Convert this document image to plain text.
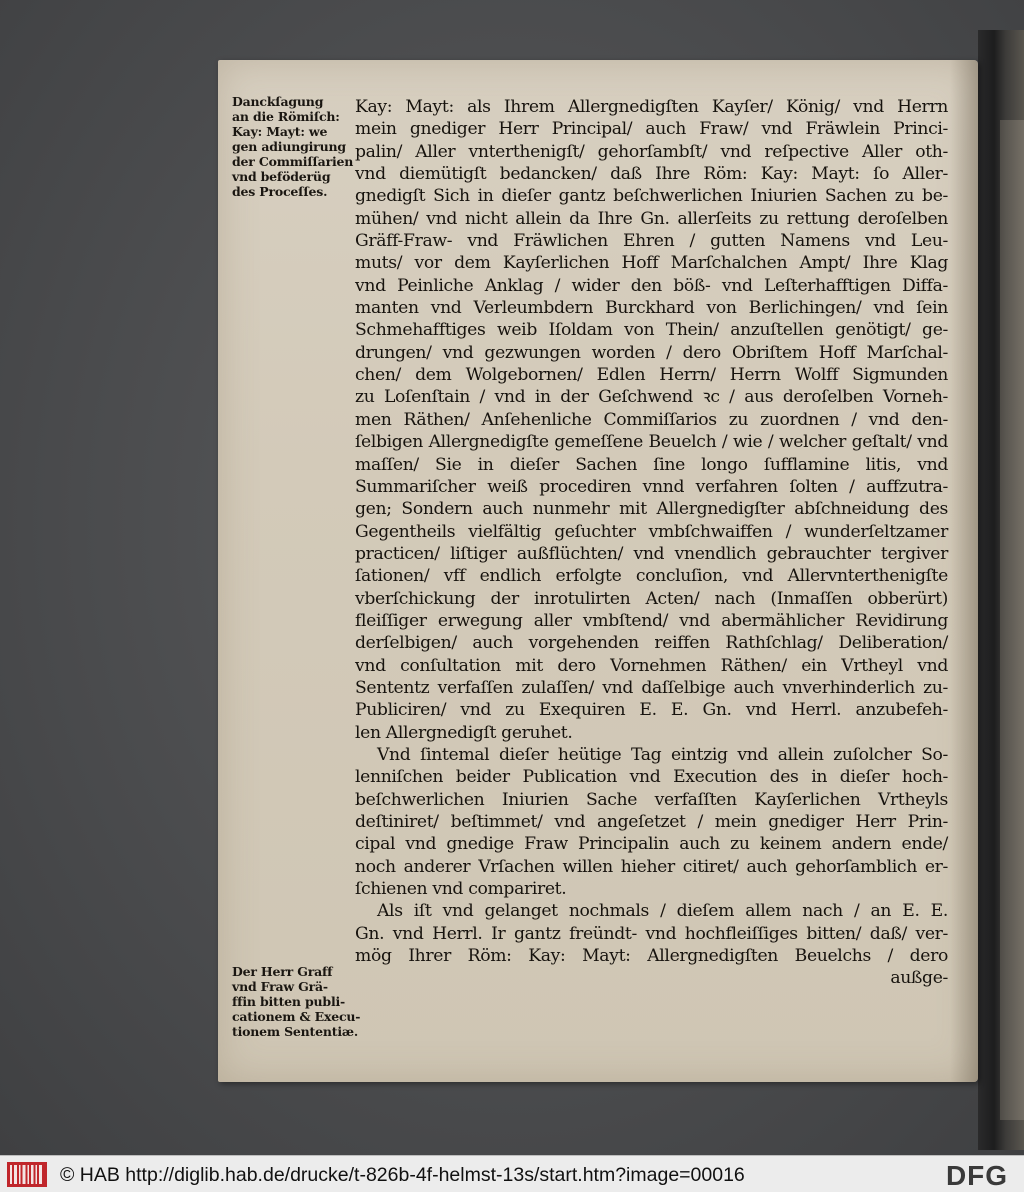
Danckſagung
an die Römiſch:
Kay: Mayt: we
gen adiungirung
der Commiſſarien
vnd beföderüg
des Proceſſes.
Der Herr Graff
vnd Fraw Grä-
ffin bitten publi-
cationem & Execu-
tionem Sententiæ.
Kay: Mayt: als Ihrem Allergnedigſten Kayſer/ König/ vnd Herrn
mein gnediger Herr Principal/ auch Fraw/ vnd Fräwlein Princi-
palin/ Aller vnterthenigſt/ gehorſambſt/ vnd reſpective Aller oth-
vnd diemütigſt bedancken/ daß Ihre Röm: Kay: Mayt: ſo Aller-
gnedigſt Sich in dieſer gantz beſchwerlichen Iniurien Sachen zu be-
mühen/ vnd nicht allein da Ihre Gn. allerſeits zu rettung deroſelben
Gräff-Fraw- vnd Fräwlichen Ehren / gutten Namens vnd Leu-
muts/ vor dem Kayſerlichen Hoff Marſchalchen Ampt/ Ihre Klag
vnd Peinliche Anklag / wider den böß- vnd Leſterhafftigen Diffa-
manten vnd Verleumbdern Burckhard von Berlichingen/ vnd ſein
Schmehafftiges weib Iſoldam von Thein/ anzuſtellen genötigt/ ge-
drungen/ vnd gezwungen worden / dero Obriſtem Hoff Marſchal-
chen/ dem Wolgebornen/ Edlen Herrn/ Herrn Wolff Sigmunden
zu Loſenſtain / vnd in der Geſchwend ꝛc / aus deroſelben Vorneh-
men Räthen/ Anſehenliche Commiſſarios zu zuordnen / vnd den-
ſelbigen Allergnedigſte gemeſſene Beuelch / wie / welcher geſtalt/ vnd
maſſen/ Sie in dieſer Sachen ſine longo ſufflamine litis, vnd
Summariſcher weiß procediren vnnd verfahren ſolten / auffzutra-
gen; Sondern auch nunmehr mit Allergnedigſter abſchneidung des
Gegentheils vielfältig geſuchter vmbſchwaiffen / wunderſeltzamer
practicen/ liſtiger außflüchten/ vnd vnendlich gebrauchter tergiver
ſationen/ vff endlich erfolgte concluſion, vnd Allervnterthenigſte
vberſchickung der inrotulirten Acten/ nach (Inmaſſen obberürt)
fleiſſiger erwegung aller vmbſtend/ vnd abermählicher Revidirung
derſelbigen/ auch vorgehenden reiffen Rathſchlag/ Deliberation/
vnd conſultation mit dero Vornehmen Räthen/ ein Vrtheyl vnd
Sententz verfaſſen zulaſſen/ vnd daſſelbige auch vnverhinderlich zu-
Publiciren/ vnd zu Exequiren E. E. Gn. vnd Herrl. anzubefeh-
len Allergnedigſt geruhet.
Vnd ſintemal dieſer heütige Tag eintzig vnd allein zuſolcher So-
lenniſchen beider Publication vnd Execution des in dieſer hoch-
beſchwerlichen Iniurien Sache verfaſſten Kayſerlichen Vrtheyls
deſtiniret/ beſtimmet/ vnd angeſetzet / mein gnediger Herr Prin-
cipal vnd gnedige Fraw Principalin auch zu keinem andern ende/
noch anderer Vrſachen willen hieher citiret/ auch gehorſamblich er-
ſchienen vnd compariret.
Als iſt vnd gelanget nochmals / dieſem allem nach / an E. E.
Gn. vnd Herrl. Ir gantz freündt- vnd hochfleiſſiges bitten/ daß/ ver-
mög Ihrer Röm: Kay: Mayt: Allergnedigſten Beuelchs / dero
außge-
© HAB http://diglib.hab.de/drucke/t-826b-4f-helmst-13s/start.htm?image=00016	DFG
